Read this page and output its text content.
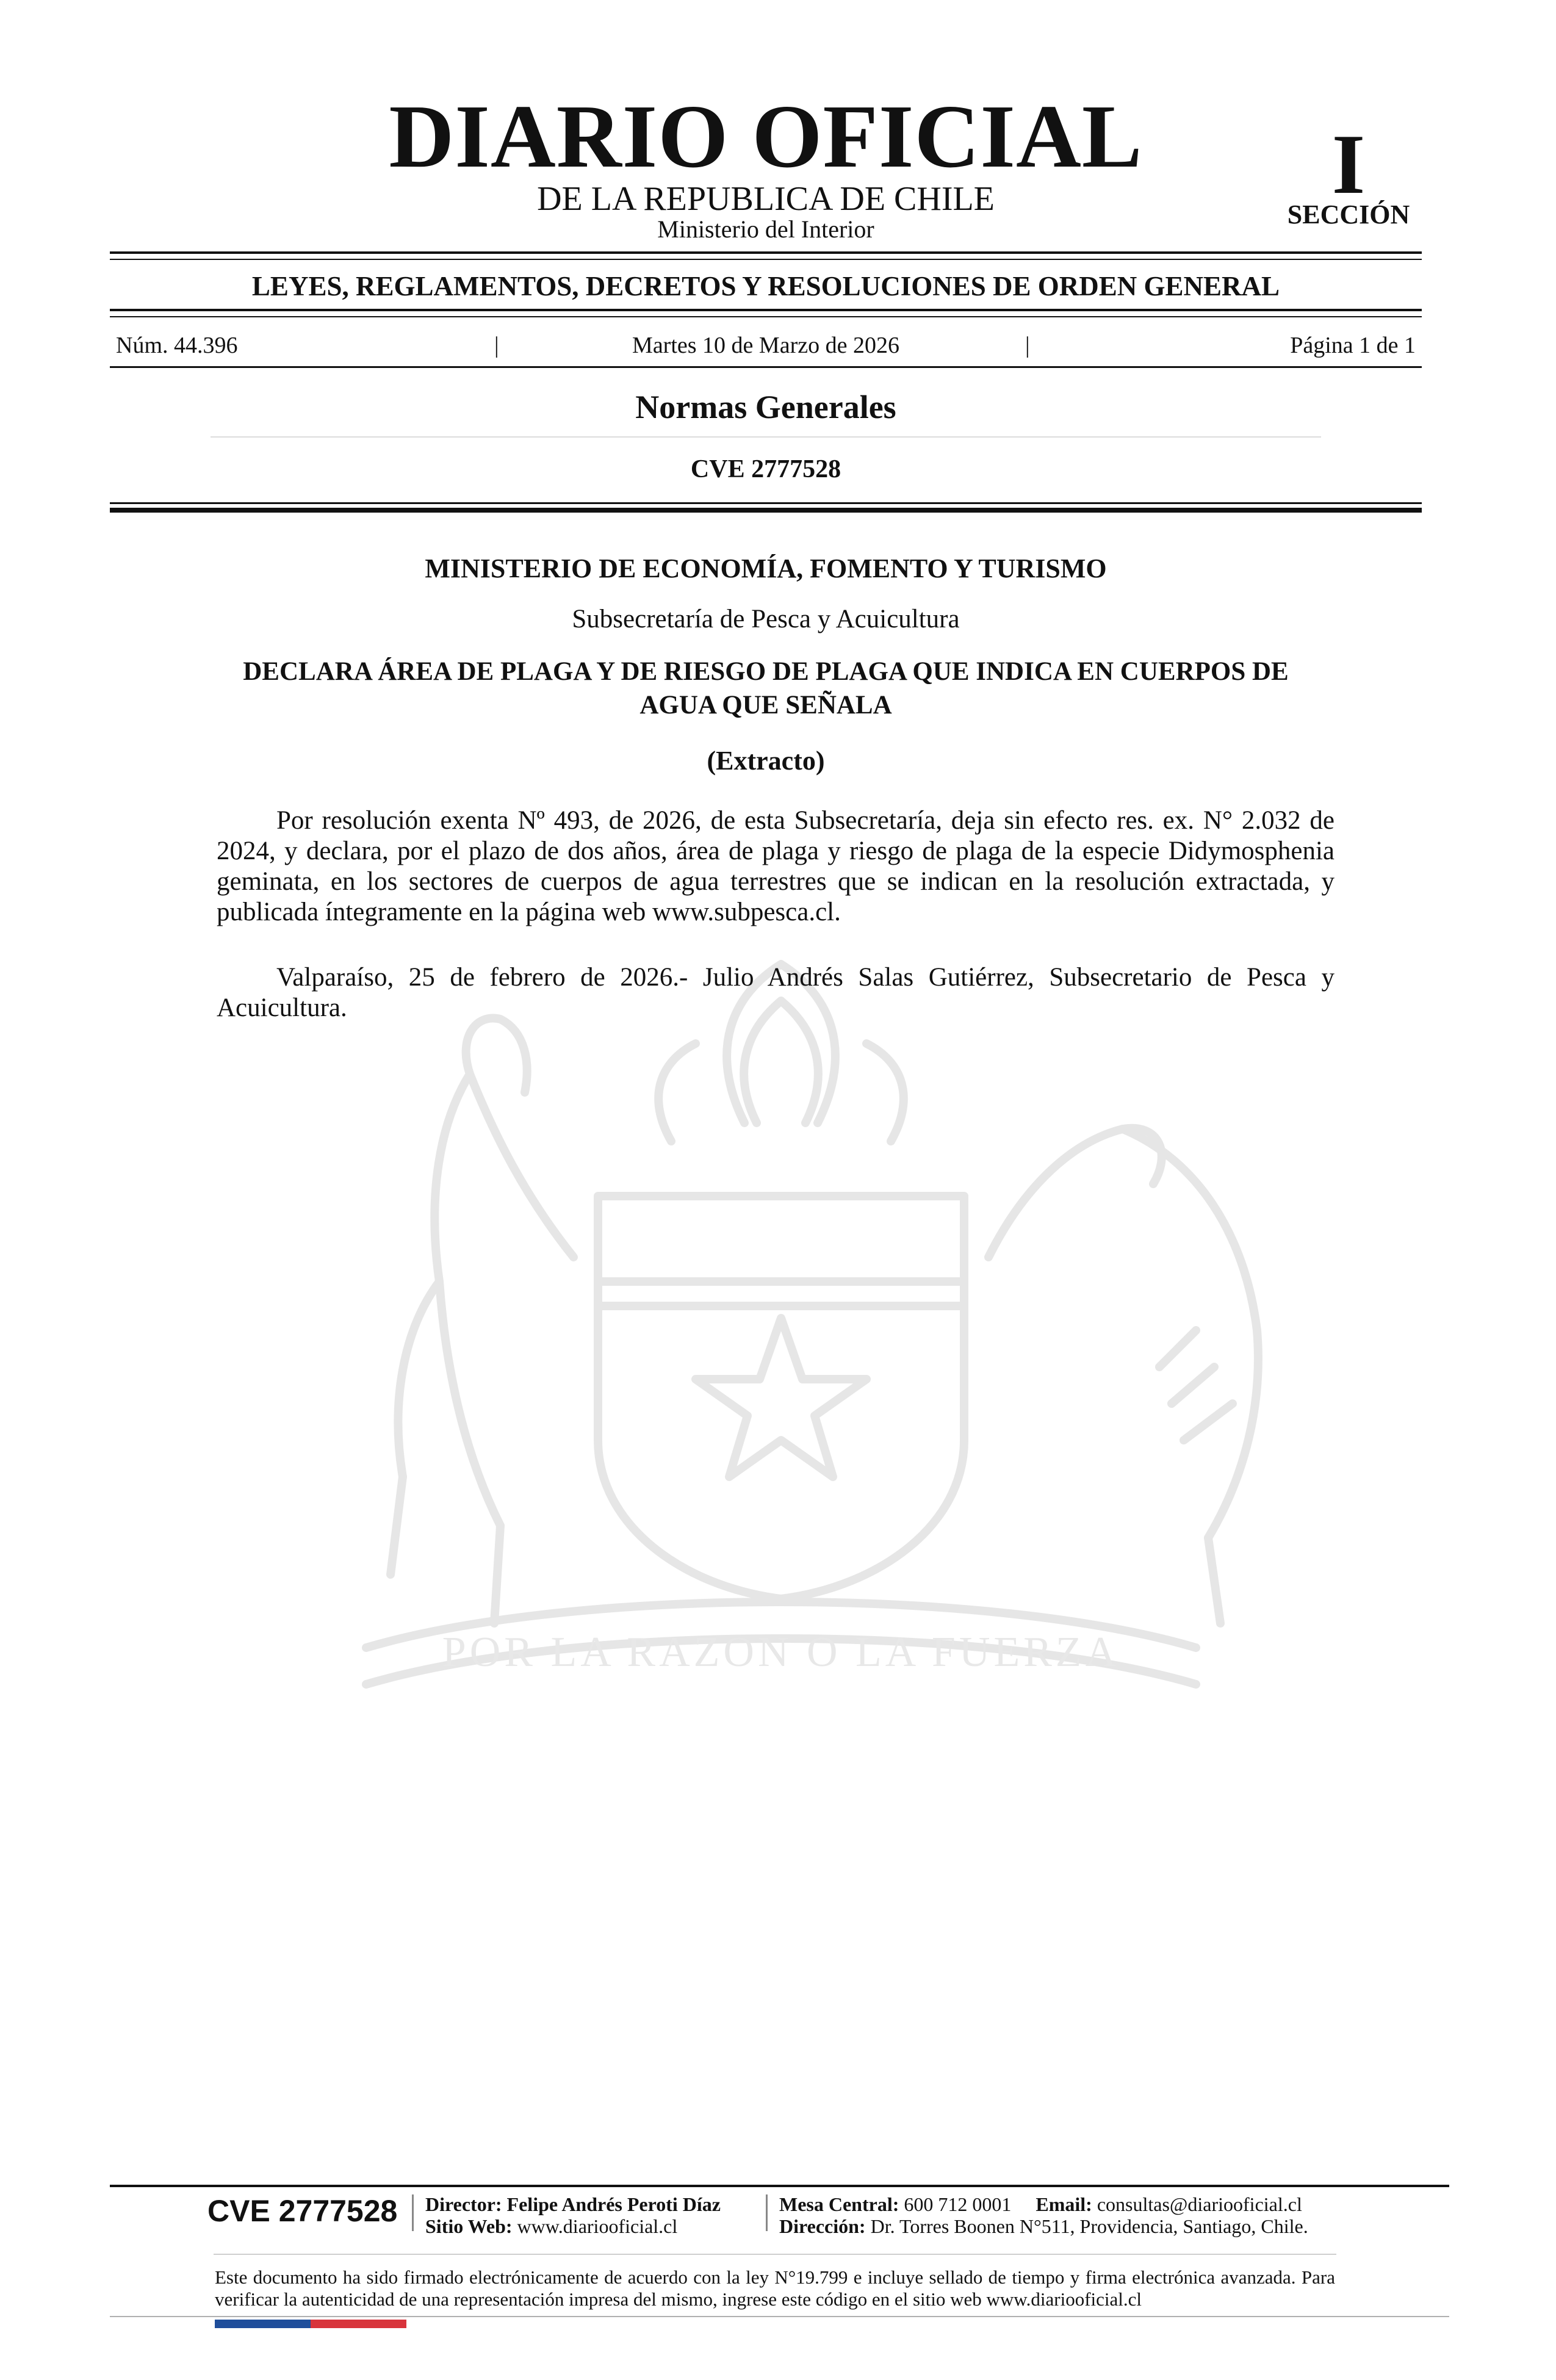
DIARIO OFICIAL
DE LA REPUBLICA DE CHILE
Ministerio del Interior
I
SECCIÓN
LEYES, REGLAMENTOS, DECRETOS Y RESOLUCIONES DE ORDEN GENERAL
Martes 10 de Marzo de 2026
Núm. 44.396	|	|	Página 1 de 1
Normas Generales
CVE 2777528
POR LA RAZON O LA FUERZA
MINISTERIO DE ECONOMÍA, FOMENTO Y TURISMO
Subsecretaría de Pesca y Acuicultura
DECLARA ÁREA DE PLAGA Y DE RIESGO DE PLAGA QUE INDICA EN CUERPOS DE AGUA QUE SEÑALA
(Extracto)
Por resolución exenta Nº 493, de 2026, de esta Subsecretaría, deja sin efecto res. ex. N° 2.032 de 2024, y declara, por el plazo de dos años, área de plaga y riesgo de plaga de la especie Didymosphenia geminata, en los sectores de cuerpos de agua terrestres que se indican en la resolución extractada, y publicada íntegramente en la página web www.subpesca.cl.
Valparaíso, 25 de febrero de 2026.- Julio Andrés Salas Gutiérrez, Subsecretario de Pesca y Acuicultura.
CVE 2777528 Director: Felipe Andrés Peroti Díaz
Sitio Web: www.diariooficial.cl
Mesa Central: 600 712 0001 Email: consultas@diariooficial.cl
Dirección: Dr. Torres Boonen N°511, Providencia, Santiago, Chile.
Este documento ha sido firmado electrónicamente de acuerdo con la ley N°19.799 e incluye sellado de tiempo y firma electrónica avanzada. Para verificar la autenticidad de una representación impresa del mismo, ingrese este código en el sitio web www.diariooficial.cl
